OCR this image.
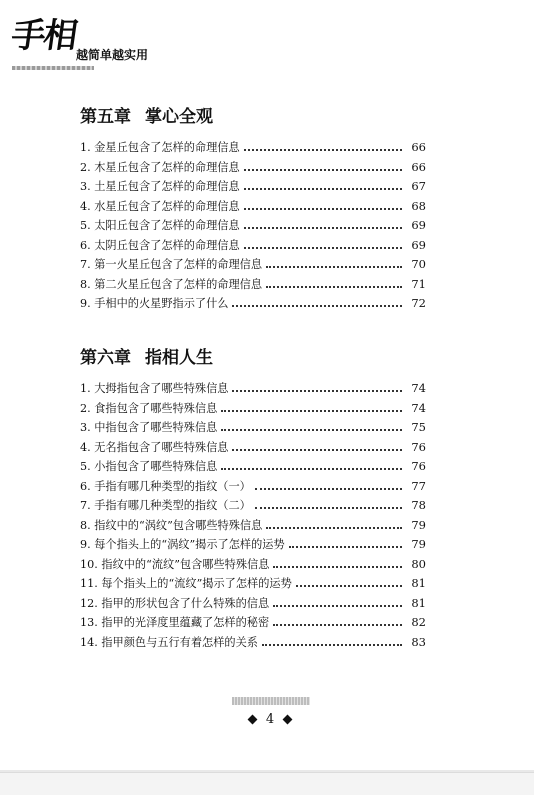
手相
越简单越实用
第五章 掌心全观
1. 金星丘包含了怎样的命理信息	66
2. 木星丘包含了怎样的命理信息	66
3. 土星丘包含了怎样的命理信息	67
4. 水星丘包含了怎样的命理信息	68
5. 太阳丘包含了怎样的命理信息	69
6. 太阴丘包含了怎样的命理信息	69
7. 第一火星丘包含了怎样的命理信息	70
8. 第二火星丘包含了怎样的命理信息	71
9. 手相中的火星野指示了什么	72
第六章 指相人生
1. 大拇指包含了哪些特殊信息	74
2. 食指包含了哪些特殊信息	74
3. 中指包含了哪些特殊信息	75
4. 无名指包含了哪些特殊信息	76
5. 小指包含了哪些特殊信息	76
6. 手指有哪几种类型的指纹（一）	77
7. 手指有哪几种类型的指纹（二）	78
8. 指纹中的“涡纹”包含哪些特殊信息	79
9. 每个指头上的“涡纹”揭示了怎样的运势	79
10. 指纹中的“流纹”包含哪些特殊信息	80
11. 每个指头上的“流纹”揭示了怎样的运势	81
12. 指甲的形状包含了什么特殊的信息	81
13. 指甲的光泽度里蕴藏了怎样的秘密	82
14. 指甲颜色与五行有着怎样的关系	83
4
